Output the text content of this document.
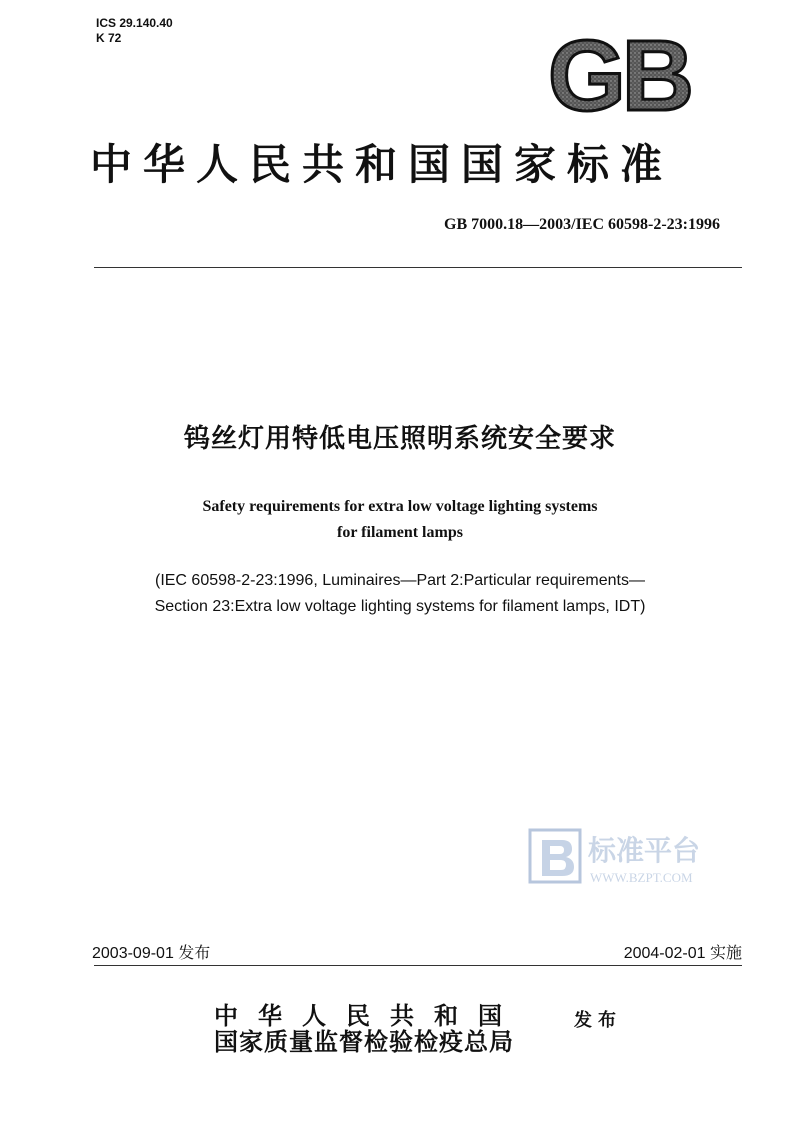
ICS 29.140.40
K 72	GB
中华人民共和国国家标准
GB 7000.18—2003/IEC 60598-2-23:1996
钨丝灯用特低电压照明系统安全要求
Safety requirements for extra low voltage lighting systems
for filament lamps
(IEC 60598-2-23:1996, Luminaires—Part 2:Particular requirements—
Section 23:Extra low voltage lighting systems for filament lamps, IDT)
标准平台
WWW.BZPT.COM
2003-09-01 发布	2004-02-01 实施
中华人民共和国
国家质量监督检验检疫总局
发布
